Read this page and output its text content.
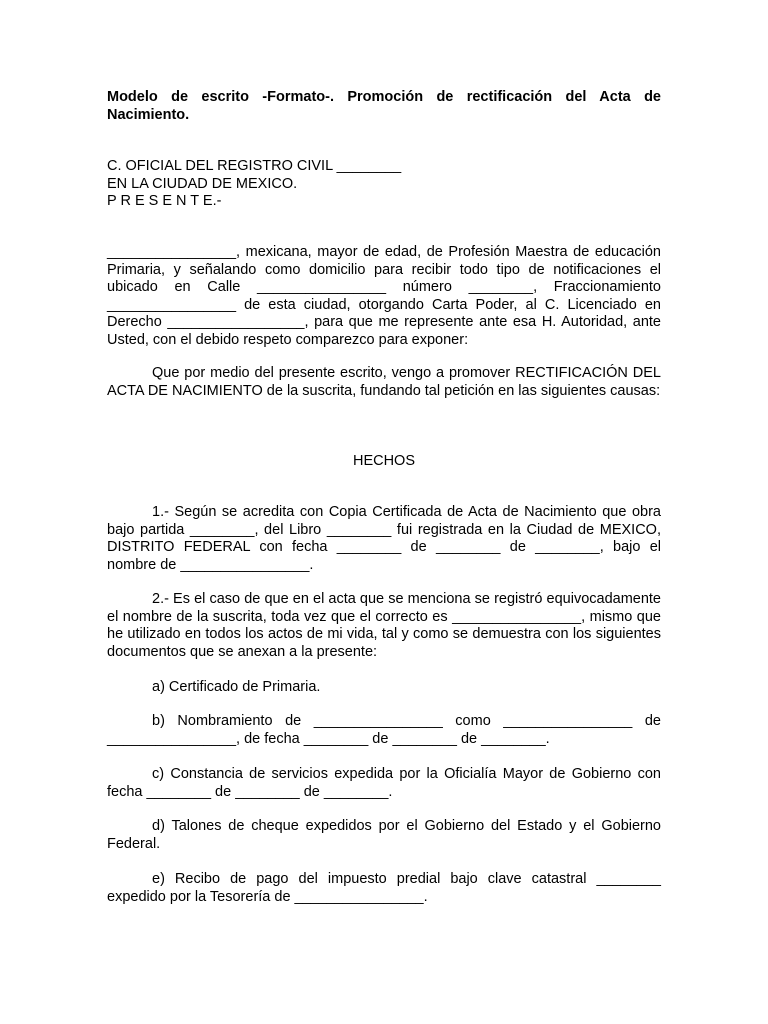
Modelo de escrito -Formato-. Promoción de rectificación del Acta de Nacimiento.
C. OFICIAL DEL REGISTRO CIVIL ________
EN LA CIUDAD DE MEXICO.
P R E S E N T E.-
________________, mexicana, mayor de edad, de Profesión Maestra de educación Primaria, y señalando como domicilio para recibir todo tipo de notificaciones el ubicado en Calle ________________ número ________, Fraccionamiento ________________ de esta ciudad, otorgando Carta Poder, al C. Licenciado en Derecho _________________, para que me represente ante esa H. Autoridad, ante Usted, con el debido respeto comparezco para exponer:
Que por medio del presente escrito, vengo a promover RECTIFICACIÓN DEL ACTA DE NACIMIENTO de la suscrita, fundando tal petición en las siguientes causas:
HECHOS
1.- Según se acredita con Copia Certificada de Acta de Nacimiento que obra bajo partida ________, del Libro ________ fui registrada en la Ciudad de MEXICO, DISTRITO FEDERAL con fecha ________ de ________ de ________, bajo el nombre de ________________.
2.- Es el caso de que en el acta que se menciona se registró equivocadamente el nombre de la suscrita, toda vez que el correcto es ________________, mismo que he utilizado en todos los actos de mi vida, tal y como se demuestra con los siguientes documentos que se anexan a la presente:
a) Certificado de Primaria.
b) Nombramiento de ________________ como ________________ de ________________, de fecha ________ de ________ de ________.
c) Constancia de servicios expedida por la Oficialía Mayor de Gobierno con fecha ________ de ________ de ________.
d) Talones de cheque expedidos por el Gobierno del Estado y el Gobierno Federal.
e) Recibo de pago del impuesto predial bajo clave catastral ________ expedido por la Tesorería de ________________.
